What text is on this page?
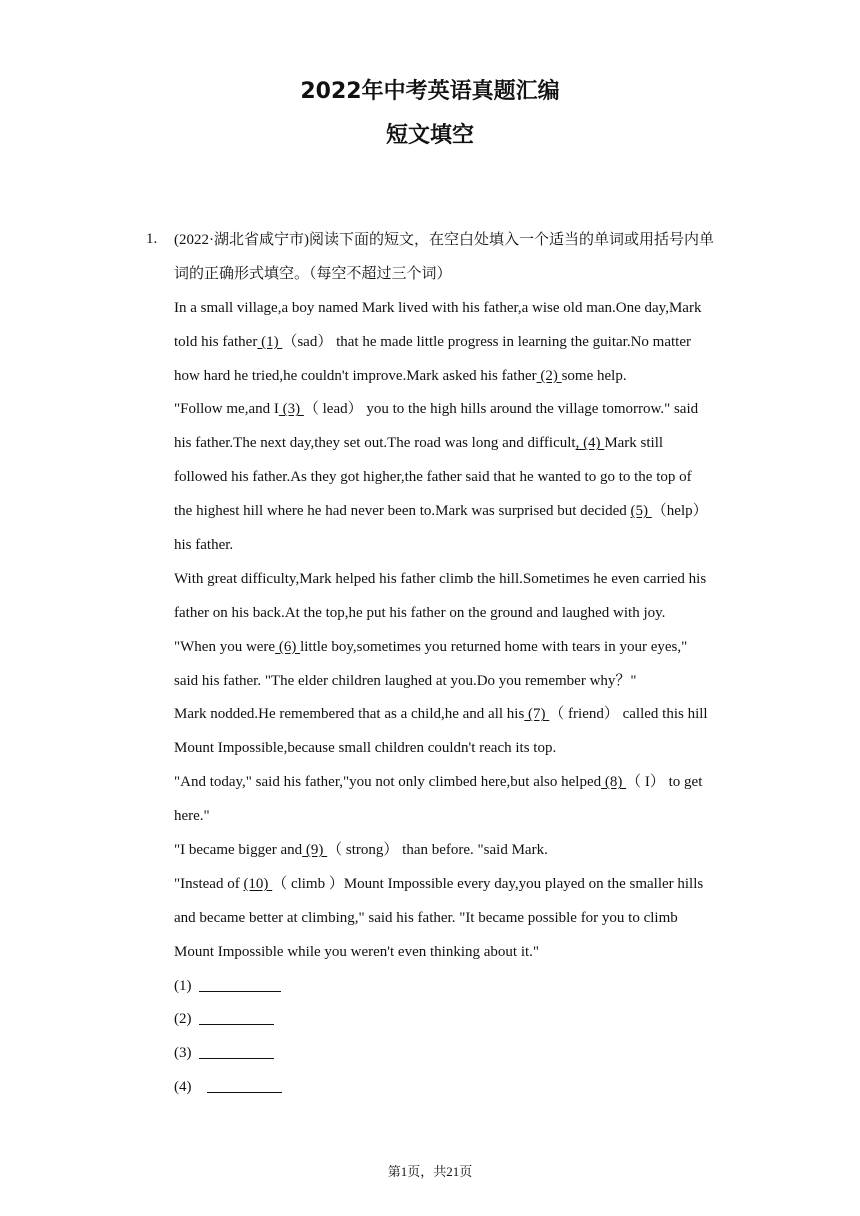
2022年中考英语真题汇编
短文填空
1. (2022·湖北省咸宁市)阅读下面的短文，在空白处填入一个适当的单词或用括号内单
词的正确形式填空。（每空不超过三个词）
In a small village,a boy named Mark lived with his father,a wise old man.One day,Mark
told his father (1) （sad） that he made little progress in learning the guitar.No matter
how hard he tried,he couldn't improve.Mark asked his father (2) some help.
"Follow me,and I (3) （ lead） you to the high hills around the village tomorrow." said
his father.The next day,they set out.The road was long and difficult, (4) Mark still
followed his father.As they got higher,the father said that he wanted to go to the top of
the highest hill where he had never been to.Mark was surprised but decided (5) （help）
his father.
With great difficulty,Mark helped his father climb the hill.Sometimes he even carried his
father on his back.At the top,he put his father on the ground and laughed with joy.
"When you were (6) little boy,sometimes you returned home with tears in your eyes,"
said his father. "The elder children laughed at you.Do you remember why？"
Mark nodded.He remembered that as a child,he and all his (7) （ friend） called this hill
Mount Impossible,because small children couldn't reach its top.
"And today," said his father,"you not only climbed here,but also helped (8) （ I） to get
here."
"I became bigger and (9) （ strong） than before. "said Mark.
"Instead of (10) （ climb ）Mount Impossible every day,you played on the smaller hills
and became better at climbing," said his father. "It became possible for you to climb
Mount Impossible while you weren't even thinking about it."
(1)
(2)
(3)
(4)
第1页，共21页
